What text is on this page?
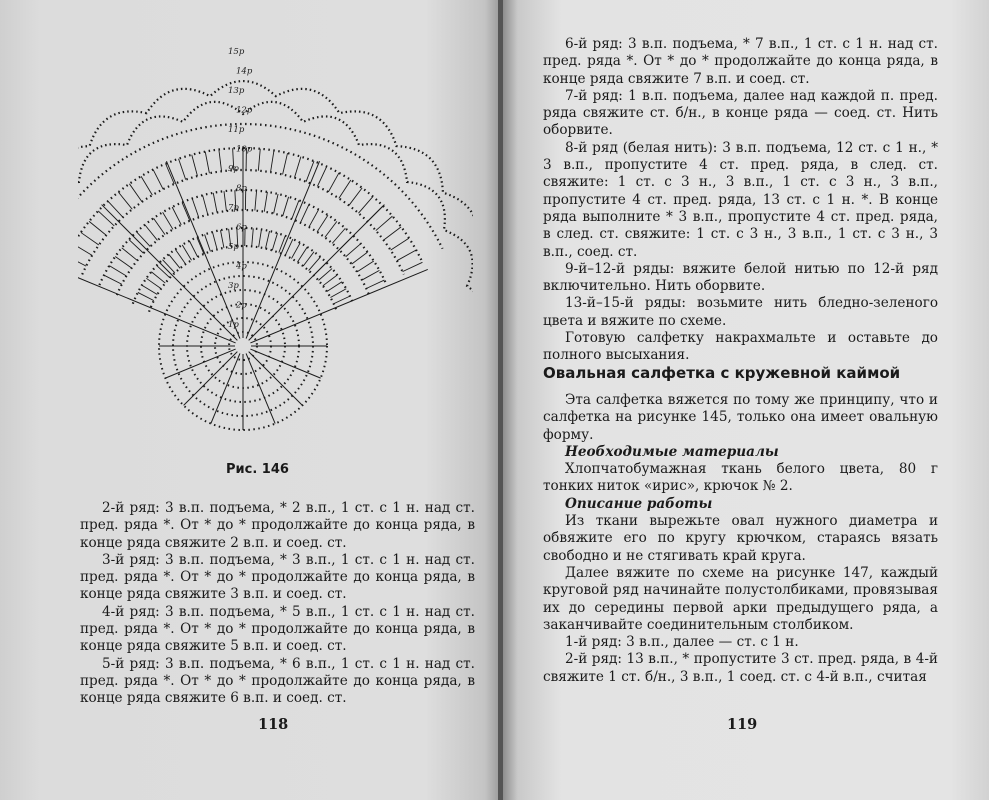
15р
14р
13р
12р
11р
10р
9р
8р
7р
6р
5р
4р
3р
2р
1р
Рис. 146

2-й ряд: 3 в.п. подъема, * 2 в.п., 1 ст. с 1 н. над ст. пред. ряда *. От * до * продолжайте до конца ряда, в конце ряда свяжите 2 в.п. и соед. ст.

3-й ряд: 3 в.п. подъема, * 3 в.п., 1 ст. с 1 н. над ст. пред. ряда *. От * до * продолжайте до конца ряда, в конце ряда свяжите 3 в.п. и соед. ст.

4-й ряд: 3 в.п. подъема, * 5 в.п., 1 ст. с 1 н. над ст. пред. ряда *. От * до * продолжайте до конца ряда, в конце ряда свяжите 5 в.п. и соед. ст.

5-й ряд: 3 в.п. подъема, * 6 в.п., 1 ст. с 1 н. над ст. пред. ряда *. От * до * продолжайте до конца ряда, в конце ряда свяжите 6 в.п. и соед. ст.

118

6-й ряд: 3 в.п. подъема, * 7 в.п., 1 ст. с 1 н. над ст. пред. ряда *. От * до * продолжайте до конца ряда, в конце ряда свяжите 7 в.п. и соед. ст.

7-й ряд: 1 в.п. подъема, далее над каждой п. пред. ряда свяжите ст. б/н., в конце ряда — соед. ст. Нить оборвите.

8-й ряд (белая нить): 3 в.п. подъема, 12 ст. с 1 н., * 3 в.п., пропустите 4 ст. пред. ряда, в след. ст. свяжите: 1 ст. с 3 н., 3 в.п., 1 ст. с 3 н., 3 в.п., пропустите 4 ст. пред. ряда, 13 ст. с 1 н. *. В конце ряда выполните * 3 в.п., пропустите 4 ст. пред. ряда, в след. ст. свяжите: 1 ст. с 3 н., 3 в.п., 1 ст. с 3 н., 3 в.п., соед. ст.

9-й–12-й ряды: вяжите белой нитью по 12-й ряд включительно. Нить оборвите.

13-й–15-й ряды: возьмите нить бледно-зеленого цвета и вяжите по схеме.

Готовую салфетку накрахмальте и оставьте до полного высыхания.

Овальная салфетка с кружевной каймой

Эта салфетка вяжется по тому же принципу, что и салфетка на рисунке 145, только она имеет овальную форму.

Необходимые материалы

Хлопчатобумажная ткань белого цвета, 80 г тонких ниток «ирис», крючок № 2.

Описание работы

Из ткани вырежьте овал нужного диаметра и обвяжите его по кругу крючком, стараясь вязать свободно и не стягивать край круга.

Далее вяжите по схеме на рисунке 147, каждый круговой ряд начинайте полустолбиками, провязывая их до середины первой арки предыдущего ряда, а заканчивайте соединительным столбиком.

1-й ряд: 3 в.п., далее — ст. с 1 н.

2-й ряд: 13 в.п., * пропустите 3 ст. пред. ряда, в 4-й свяжите 1 ст. б/н., 3 в.п., 1 соед. ст. с 4-й в.п., считая

119
